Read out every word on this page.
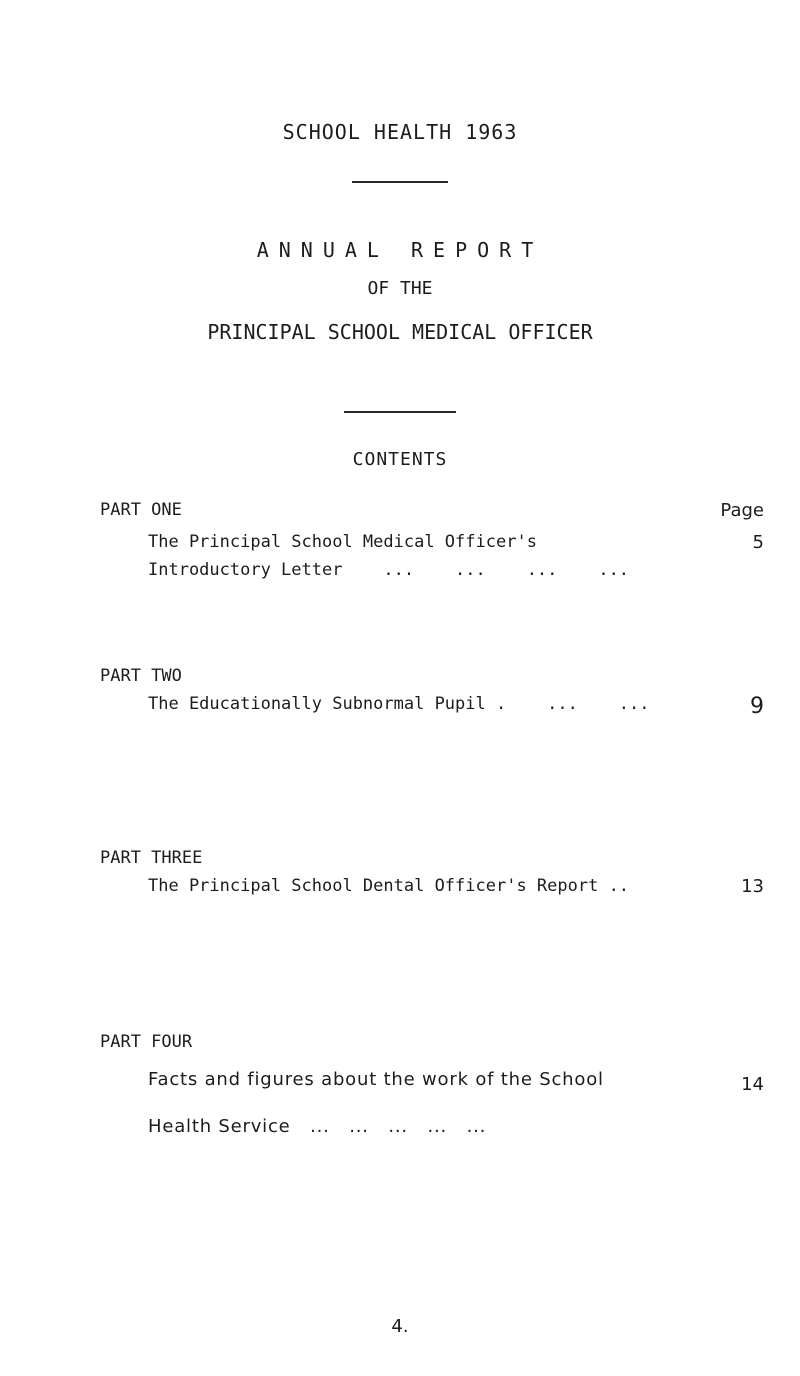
SCHOOL HEALTH 1963
ANNUAL REPORT
OF THE
PRINCIPAL SCHOOL MEDICAL OFFICER
CONTENTS
Page
PART ONE
The Principal School Medical Officer's
Introductory Letter    ...    ...    ...    ...
5
PART TWO
The Educationally Subnormal Pupil .    ...    ...	9
PART THREE
The Principal School Dental Officer's Report ..	13
PART FOUR
Facts and figures about the work of the School
Health Service   ...   ...   ...   ...   ...
14
4.
